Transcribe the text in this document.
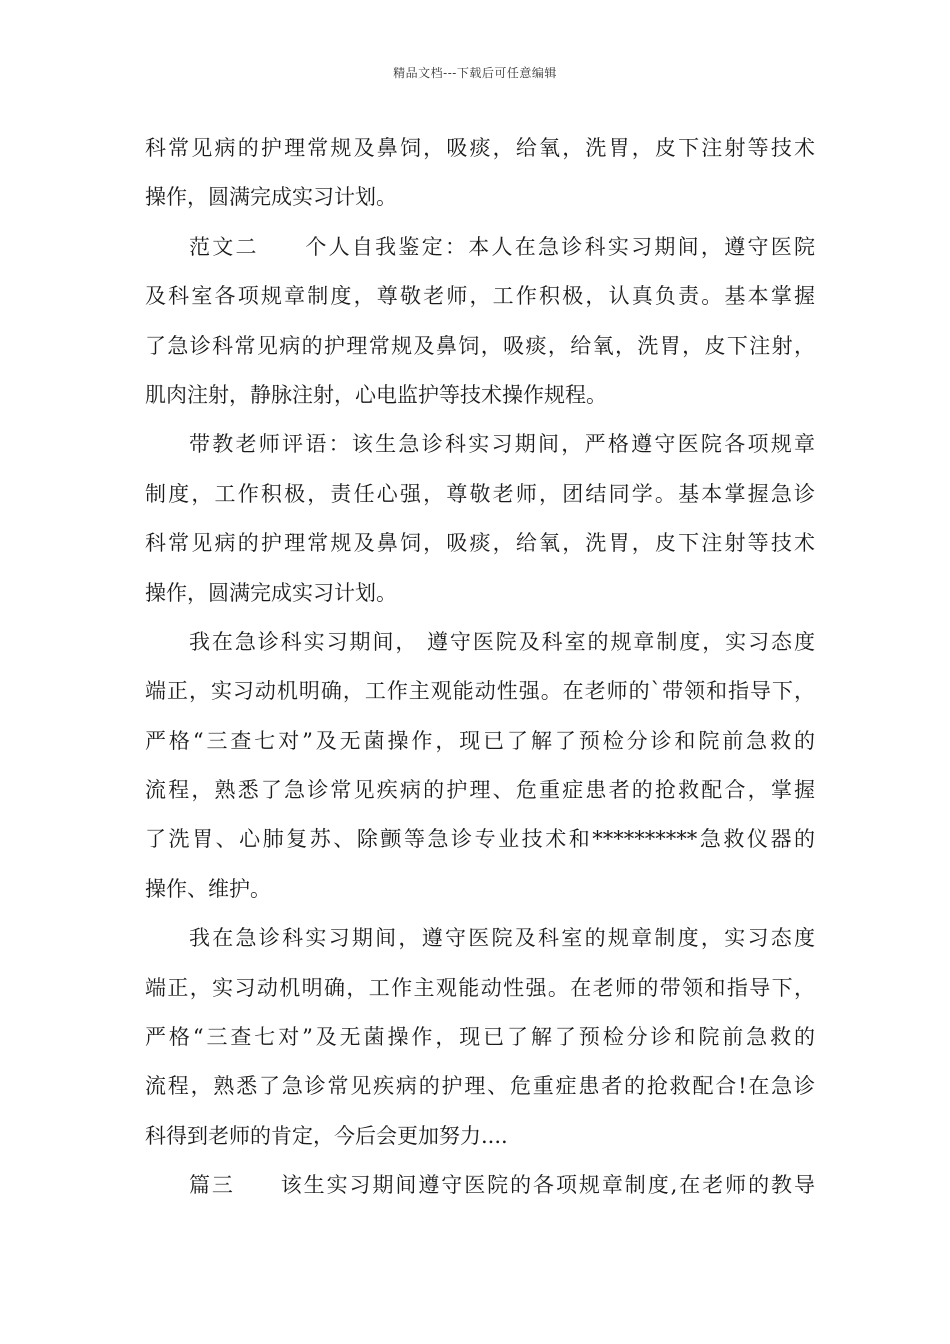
精品文档---下载后可任意编辑
科常见病的护理常规及鼻饲，吸痰，给氧，洗胃，皮下注射等技术
操作，圆满完成实习计划。
范文二　　个人自我鉴定：本人在急诊科实习期间，遵守医院
及科室各项规章制度，尊敬老师，工作积极，认真负责。基本掌握
了急诊科常见病的护理常规及鼻饲，吸痰，给氧，洗胃，皮下注射，
肌肉注射，静脉注射，心电监护等技术操作规程。
带教老师评语：该生急诊科实习期间，严格遵守医院各项规章
制度，工作积极，责任心强，尊敬老师，团结同学。基本掌握急诊
科常见病的护理常规及鼻饲，吸痰，给氧，洗胃，皮下注射等技术
操作，圆满完成实习计划。
我在急诊科实习期间， 遵守医院及科室的规章制度，实习态度
端正，实习动机明确，工作主观能动性强。在老师的`带领和指导下，
严格“三查七对”及无菌操作，现已了解了预检分诊和院前急救的
流程，熟悉了急诊常见疾病的护理、危重症患者的抢救配合，掌握
了洗胃、心肺复苏、除颤等急诊专业技术和**********急救仪器的
操作、维护。
我在急诊科实习期间，遵守医院及科室的规章制度，实习态度
端正，实习动机明确，工作主观能动性强。在老师的带领和指导下，
严格“三查七对”及无菌操作，现已了解了预检分诊和院前急救的
流程，熟悉了急诊常见疾病的护理、危重症患者的抢救配合!在急诊
科得到老师的肯定，今后会更加努力....
篇三　　该生实习期间遵守医院的各项规章制度,在老师的教导
